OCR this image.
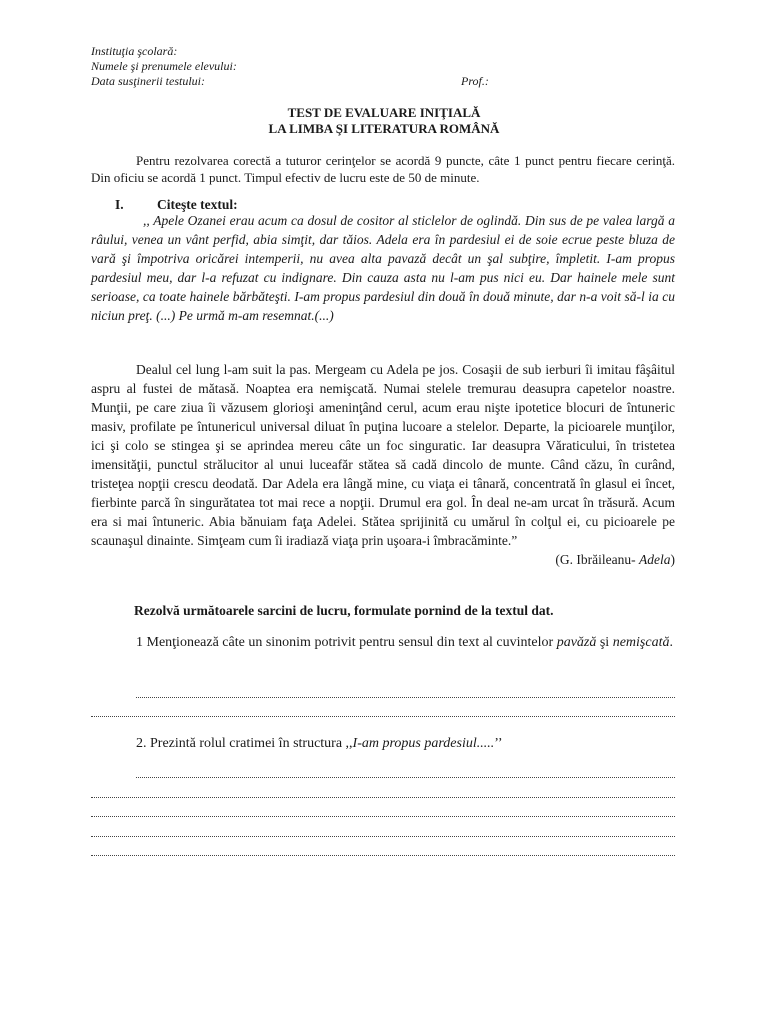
Instituţia şcolară:
Numele şi prenumele elevului:
Data susţinerii testului:	Prof.:
TEST DE EVALUARE INIŢIALĂ
LA LIMBA ŞI LITERATURA ROMÂNĂ
Pentru rezolvarea corectă a tuturor cerinţelor se acordă 9 puncte, câte 1 punct pentru fiecare cerinţă. Din oficiu se acordă 1 punct. Timpul efectiv de lucru este de 50 de minute.
I. Citeşte textul:
,, Apele Ozanei erau acum ca dosul de cositor al sticlelor de oglindă. Din sus de pe valea largă a râului, venea un vânt perfid, abia simţit, dar tăios. Adela era în pardesiul ei de soie ecrue peste bluza de vară şi împotriva oricărei intemperii, nu avea alta pavază decât un şal subţire, împletit. I-am propus pardesiul meu, dar l-a refuzat cu indignare. Din cauza asta nu l-am pus nici eu. Dar hainele mele sunt serioase, ca toate hainele bărbăteşti. I-am propus pardesiul din două în două minute, dar n-a voit să-l ia cu niciun preţ. (...) Pe urmă m-am resemnat.(...)
Dealul cel lung l-am suit la pas. Mergeam cu Adela pe jos. Cosaşii de sub ierburi îi imitau fâşâitul aspru al fustei de mătasă. Noaptea era nemişcată. Numai stelele tremurau deasupra capetelor noastre. Munţii, pe care ziua îi văzusem glorioşi ameninţând cerul, acum erau nişte ipotetice blocuri de întuneric masiv, profilate pe întunericul universal diluat în puţina lucoare a stelelor. Departe, la picioarele munţilor, ici şi colo se stingea şi se aprindea mereu câte un foc singuratic. Iar deasupra Văraticului, în tristetea imensităţii, punctul strălucitor al unui luceafăr stătea să cadă dincolo de munte. Când căzu, în curând, tristeţea nopţii crescu deodată. Dar Adela era lângă mine, cu viaţa ei tânară, concentrată în glasul ei încet, fierbinte parcă în singurătatea tot mai rece a nopţii. Drumul era gol. În deal ne-am urcat în trăsură. Acum era si mai întuneric. Abia bănuiam faţa Adelei. Stătea sprijinită cu umărul în colţul ei, cu picioarele pe scaunaşul dinainte. Simţeam cum îi iradiază viaţa prin uşoara-i îmbracăminte.”
(G. Ibrăileanu- Adela)
Rezolvă următoarele sarcini de lucru, formulate pornind de la textul dat.
1 Menţionează câte un sinonim potrivit pentru sensul din text al cuvintelor pavăză şi nemişcată.
2. Prezintă rolul cratimei în structura ,,I-am propus pardesiul.....’’
